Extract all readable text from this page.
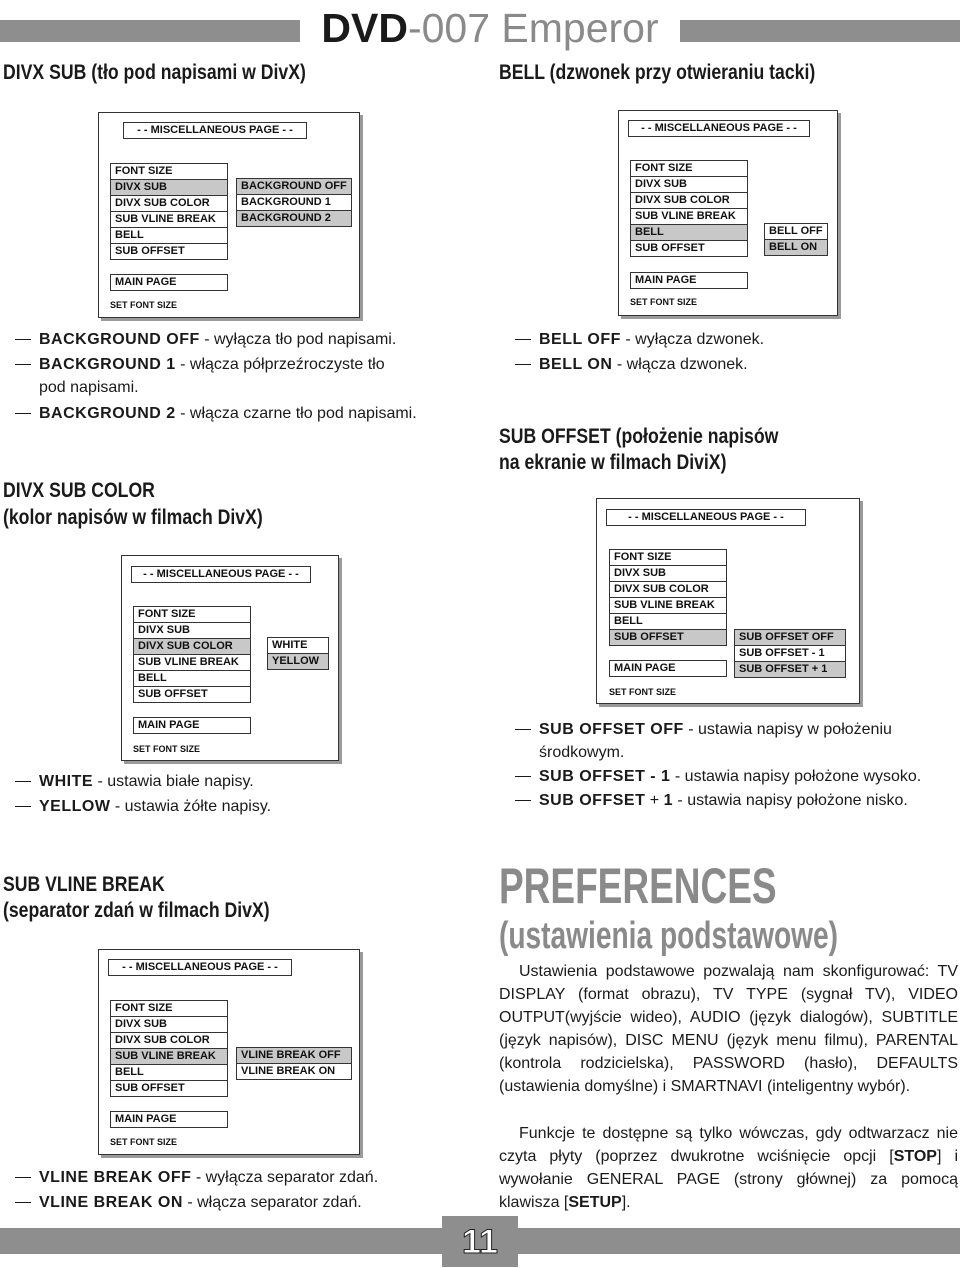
DVD-007 Emperor
DIVX SUB (tło pod napisami w DivX)	BELL (dzwonek przy otwieraniu tacki)
DIVX SUB COLOR
(kolor napisów w filmach DivX)
SUB OFFSET (położenie napisów
na ekranie w filmach DiviX)
SUB VLINE BREAK
(separator zdań w filmach DivX)	PREFERENCES
(ustawienia podstawowe)
- - MISCELLANEOUS PAGE - -
FONT SIZE
DIVX SUB
DIVX SUB COLOR
SUB VLINE BREAK
BELL
SUB OFFSET
BACKGROUND OFF
BACKGROUND 1
BACKGROUND 2
MAIN PAGE
SET FONT SIZE
- - MISCELLANEOUS PAGE - -
FONT SIZE
DIVX SUB
DIVX SUB COLOR
SUB VLINE BREAK
BELL
SUB OFFSET
BELL OFF
BELL ON
MAIN PAGE
SET FONT SIZE
BACKGROUND OFF - wyłącza tło pod napisami.
BACKGROUND 1 - włącza półprzeźroczyste tło
pod napisami.
BACKGROUND 2 - włącza czarne tło pod napisami.
BELL OFF - wyłącza dzwonek.
BELL ON - włącza dzwonek.
- - MISCELLANEOUS PAGE - -
FONT SIZE
DIVX SUB
DIVX SUB COLOR
SUB VLINE BREAK
BELL
SUB OFFSET	SUB OFFSET OFF
SUB OFFSET - 1
SUB OFFSET + 1
MAIN PAGE
SET FONT SIZE
- - MISCELLANEOUS PAGE - -
FONT SIZE
DIVX SUB
DIVX SUB COLOR
SUB VLINE BREAK
BELL
SUB OFFSET
WHITE
YELLOW
MAIN PAGE
SET FONT SIZE
WHITE - ustawia białe napisy.
YELLOW - ustawia żółte napisy.
SUB OFFSET OFF - ustawia napisy w położeniu
środkowym.
SUB OFFSET - 1 - ustawia napisy położone wysoko.
SUB OFFSET + 1 - ustawia napisy położone nisko.
- - MISCELLANEOUS PAGE - -
FONT SIZE
DIVX SUB
DIVX SUB COLOR
SUB VLINE BREAK
BELL
SUB OFFSET
VLINE BREAK OFF
VLINE BREAK ON
MAIN PAGE
SET FONT SIZE
VLINE BREAK OFF - wyłącza separator zdań.
VLINE BREAK ON - włącza separator zdań.
Ustawienia podstawowe pozwalają nam skonfigurować: TV DISPLAY (format obrazu), TV TYPE (sygnał TV), VIDEO OUTPUT(wyjście wideo), AUDIO (język dialogów), SUBTITLE (język napisów), DISC MENU (język menu filmu), PARENTAL (kontrola rodzicielska), PASSWORD (hasło), DEFAULTS (ustawienia domyślne) i SMARTNAVI (inteligentny wybór).
Funkcje te dostępne są tylko wówczas, gdy odtwarzacz nie czyta płyty (poprzez dwukrotne wciśnięcie opcji [STOP] i wywołanie GENERAL PAGE (strony głównej) za pomocą klawisza [SETUP].
11
